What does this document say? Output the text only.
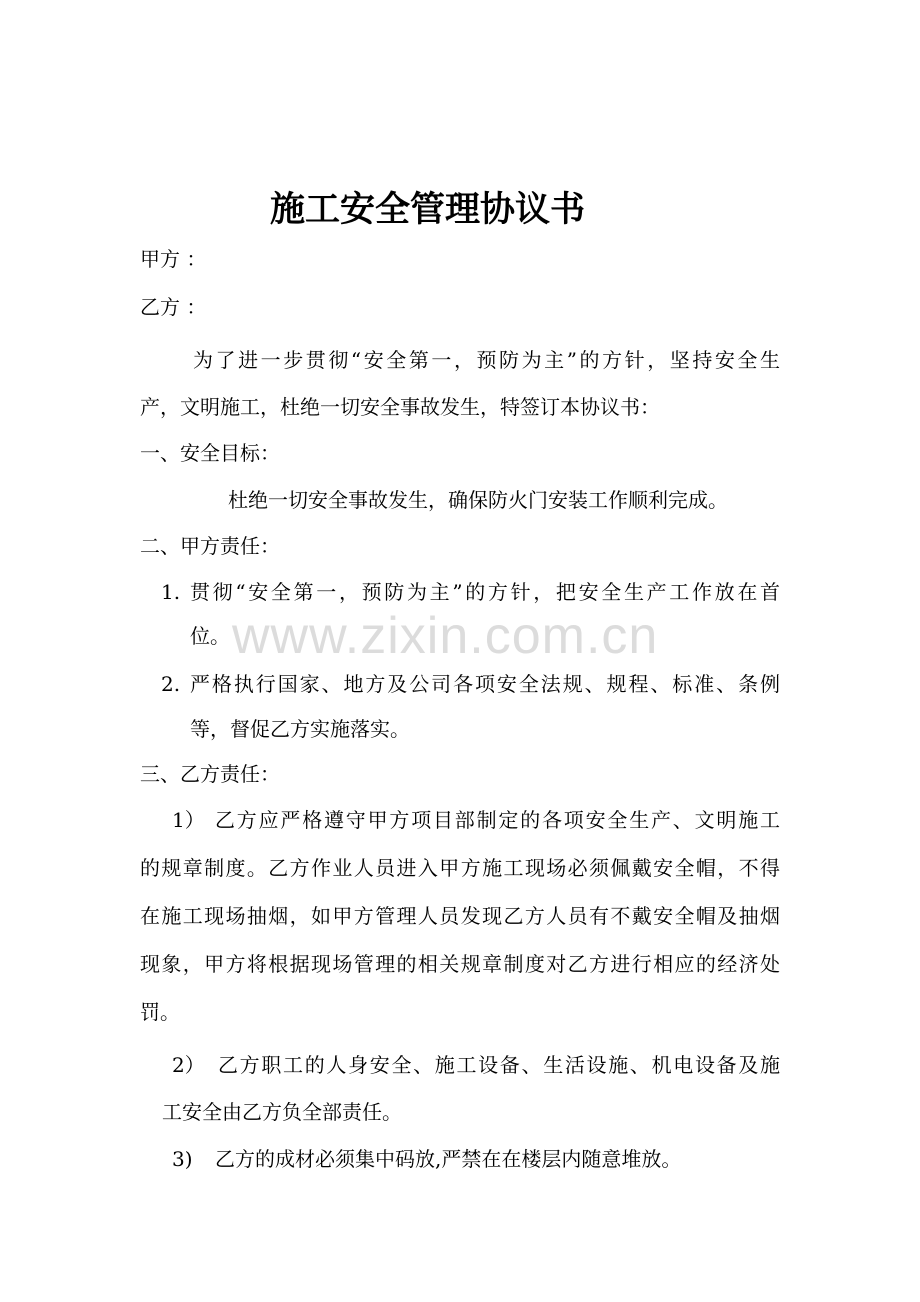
www.zixin.com.cn
施工安全管理协议书

甲方 ：

乙方 ：

为了进一步贯彻“安全第一，预防为主”的方针，坚持安全生

产，文明施工，杜绝一切安全事故发生，特签订本协议书：

一、安全目标：

杜绝一切安全事故发生，确保防火门安装工作顺利完成。

二、甲方责任：

1. 贯彻“安全第一，预防为主”的方针，把安全生产工作放在首

位。

2. 严格执行国家、地方及公司各项安全法规、规程、标准、条例

等，督促乙方实施落实。

三、乙方责任：

1） 乙方应严格遵守甲方项目部制定的各项安全生产、文明施工

的规章制度。乙方作业人员进入甲方施工现场必须佩戴安全帽，不得

在施工现场抽烟，如甲方管理人员发现乙方人员有不戴安全帽及抽烟

现象，甲方将根据现场管理的相关规章制度对乙方进行相应的经济处

罚。

2） 乙方职工的人身安全、施工设备、生活设施、机电设备及施

工安全由乙方负全部责任。

3) 乙方的成材必须集中码放,严禁在在楼层内随意堆放。
